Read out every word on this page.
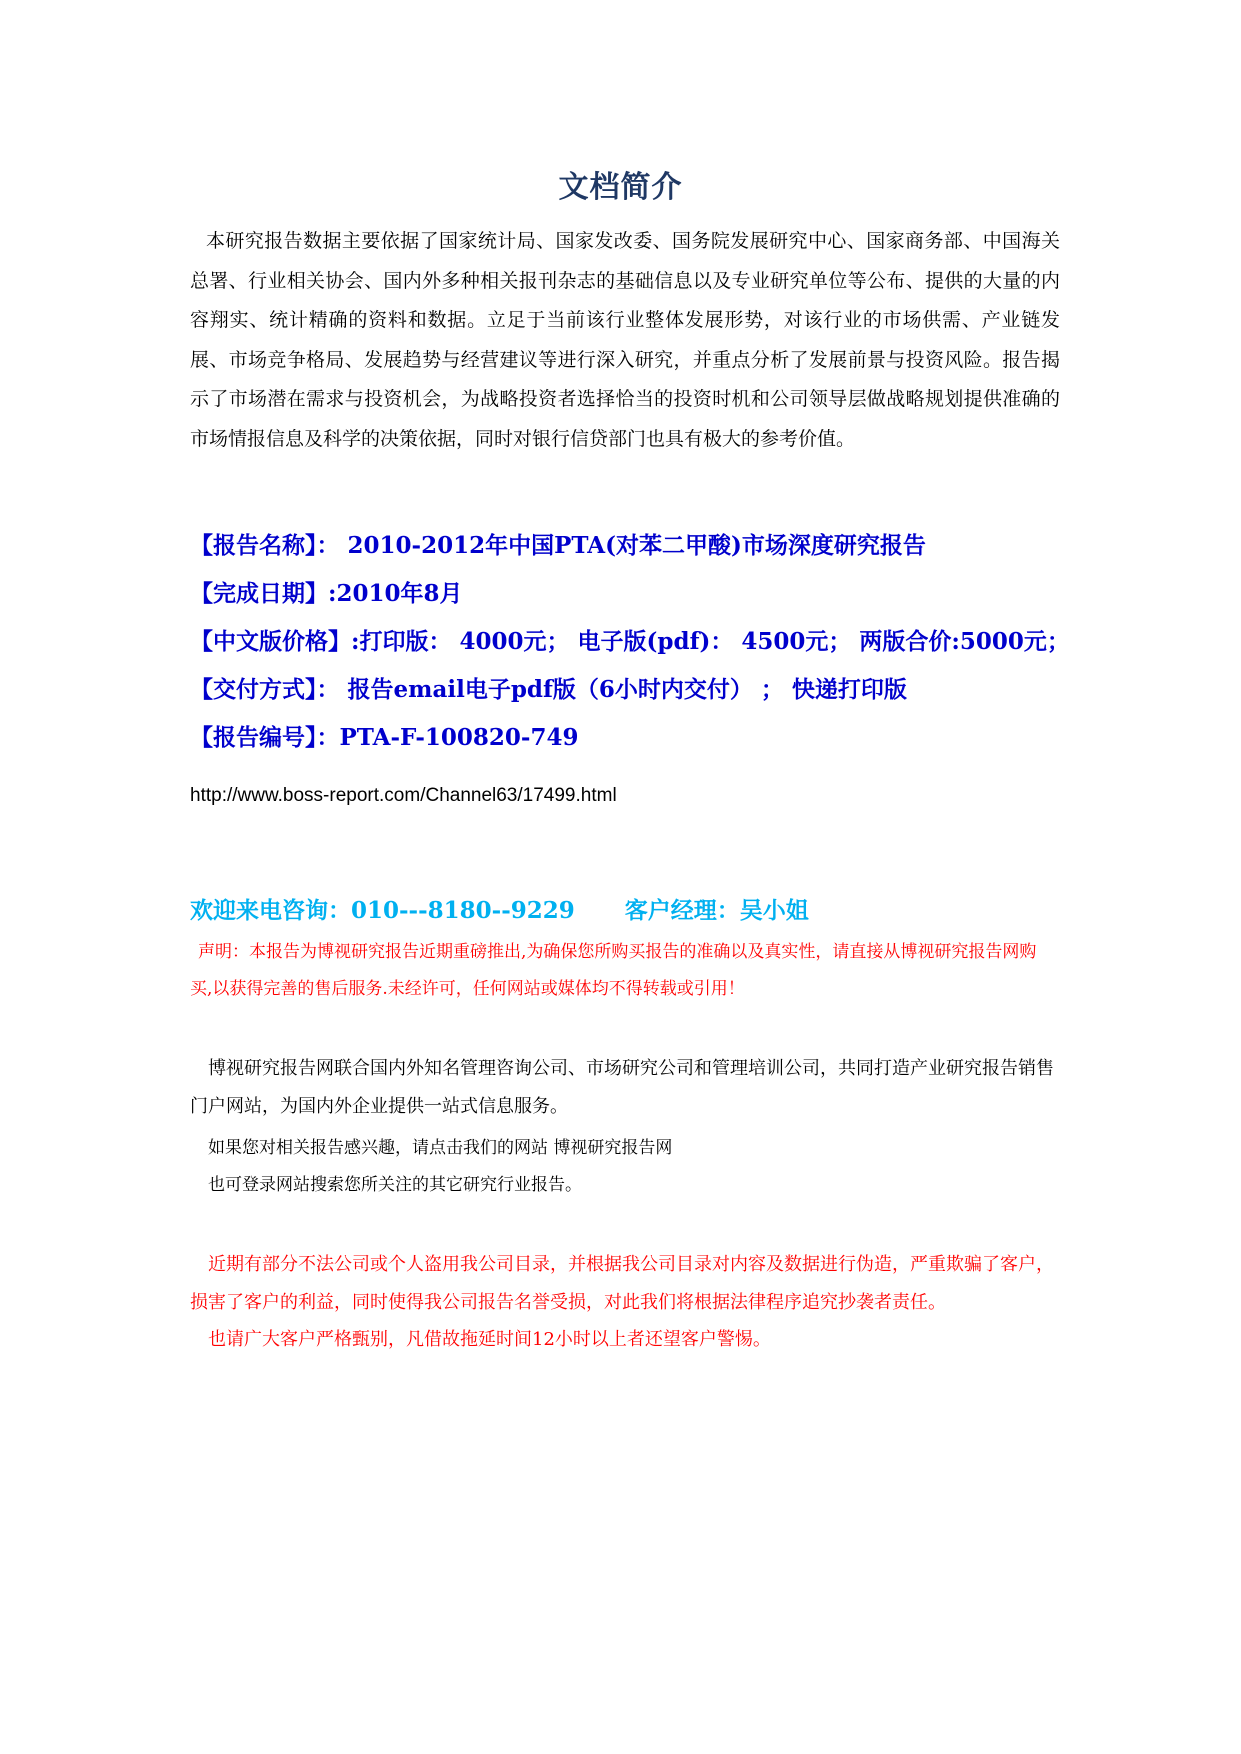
文档简介
本研究报告数据主要依据了国家统计局、国家发改委、国务院发展研究中心、国家商务部、中国海关总署、行业相关协会、国内外多种相关报刊杂志的基础信息以及专业研究单位等公布、提供的大量的内容翔实、统计精确的资料和数据。立足于当前该行业整体发展形势，对该行业的市场供需、产业链发展、市场竞争格局、发展趋势与经营建议等进行深入研究，并重点分析了发展前景与投资风险。报告揭示了市场潜在需求与投资机会，为战略投资者选择恰当的投资时机和公司领导层做战略规划提供准确的市场情报信息及科学的决策依据，同时对银行信贷部门也具有极大的参考价值。
【报告名称】： 2010-2012年中国PTA(对苯二甲酸)市场深度研究报告
【完成日期】:2010年8月
【中文版价格】:打印版： 4000元； 电子版(pdf)： 4500元； 两版合价:5000元；
【交付方式】： 报告email电子pdf版（6小时内交付） ； 快递打印版
【报告编号】：PTA-F-100820-749
http://www.boss-report.com/Channel63/17499.html
欢迎来电咨询：010---8180--9229 客户经理：吴小姐
声明：本报告为博视研究报告近期重磅推出,为确保您所购买报告的准确以及真实性，请直接从博视研究报告网购买,以获得完善的售后服务.未经许可，任何网站或媒体均不得转载或引用！
博视研究报告网联合国内外知名管理咨询公司、市场研究公司和管理培训公司，共同打造产业研究报告销售门户网站，为国内外企业提供一站式信息服务。
如果您对相关报告感兴趣，请点击我们的网站 博视研究报告网
也可登录网站搜索您所关注的其它研究行业报告。
近期有部分不法公司或个人盗用我公司目录，并根据我公司目录对内容及数据进行伪造，严重欺骗了客户，损害了客户的利益，同时使得我公司报告名誉受损，对此我们将根据法律程序追究抄袭者责任。
也请广大客户严格甄别，凡借故拖延时间12小时以上者还望客户警惕。
